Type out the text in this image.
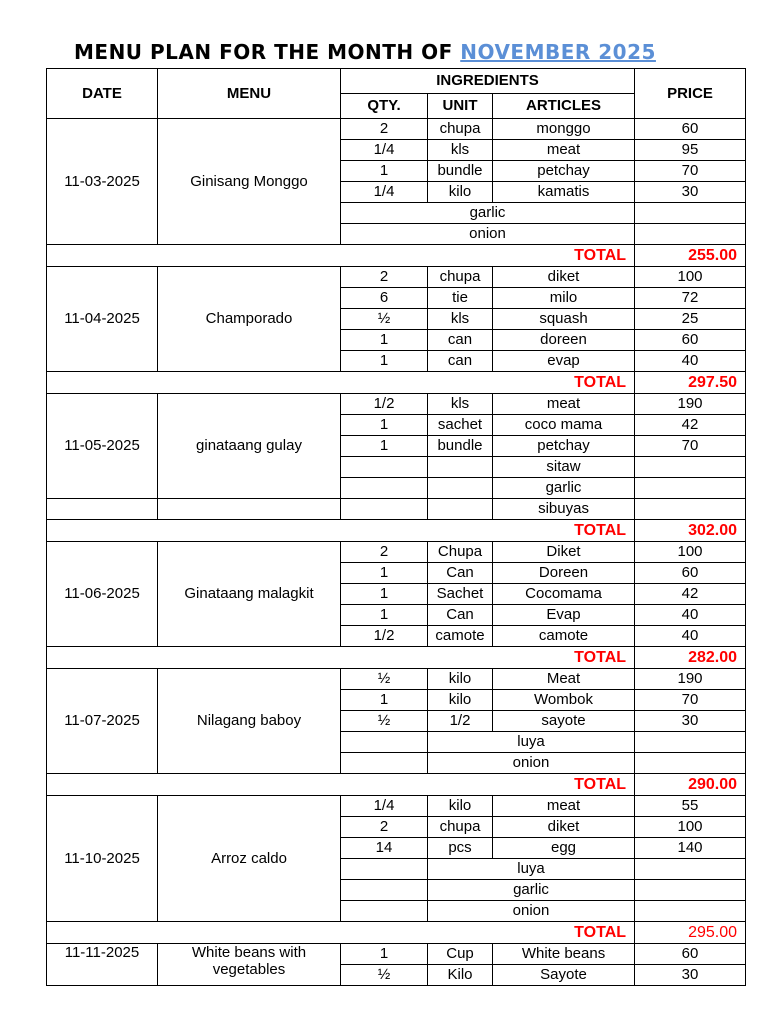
MENU PLAN FOR THE MONTH OF NOVEMBER 2025
DATE	MENU	INGREDIENTS			PRICE
		QTY.	UNIT	ARTICLES	
11-03-2025	Ginisang Monggo	2	chupa	monggo	60
		1/4	kls	meat	95
		1	bundle	petchay	70
		1/4	kilo	kamatis	30
		garlic			
		onion			
TOTAL					255.00
11-04-2025	Champorado	2	chupa	diket	100
		6	tie	milo	72
		½	kls	squash	25
		1	can	doreen	60
		1	can	evap	40
TOTAL					297.50
11-05-2025	ginataang gulay	1/2	kls	meat	190
		1	sachet	coco mama	42
		1	bundle	petchay	70
				sitaw	
				garlic	
				sibuyas	
TOTAL					302.00
11-06-2025	Ginataang malagkit	2	Chupa	Diket	100
		1	Can	Doreen	60
		1	Sachet	Cocomama	42
		1	Can	Evap	40
		1/2	camote	camote	40
TOTAL					282.00
11-07-2025	Nilagang baboy	½	kilo	Meat	190
		1	kilo	Wombok	70
		½	1/2	sayote	30
			luya		
			onion		
TOTAL					290.00
11-10-2025	Arroz caldo	1/4	kilo	meat	55
		2	chupa	diket	100
		14	pcs	egg	140
			luya		
			garlic		
			onion		
TOTAL					295.00
11-11-2025	White beans with vegetables	1	Cup	White beans	60
		½	Kilo	Sayote	30
